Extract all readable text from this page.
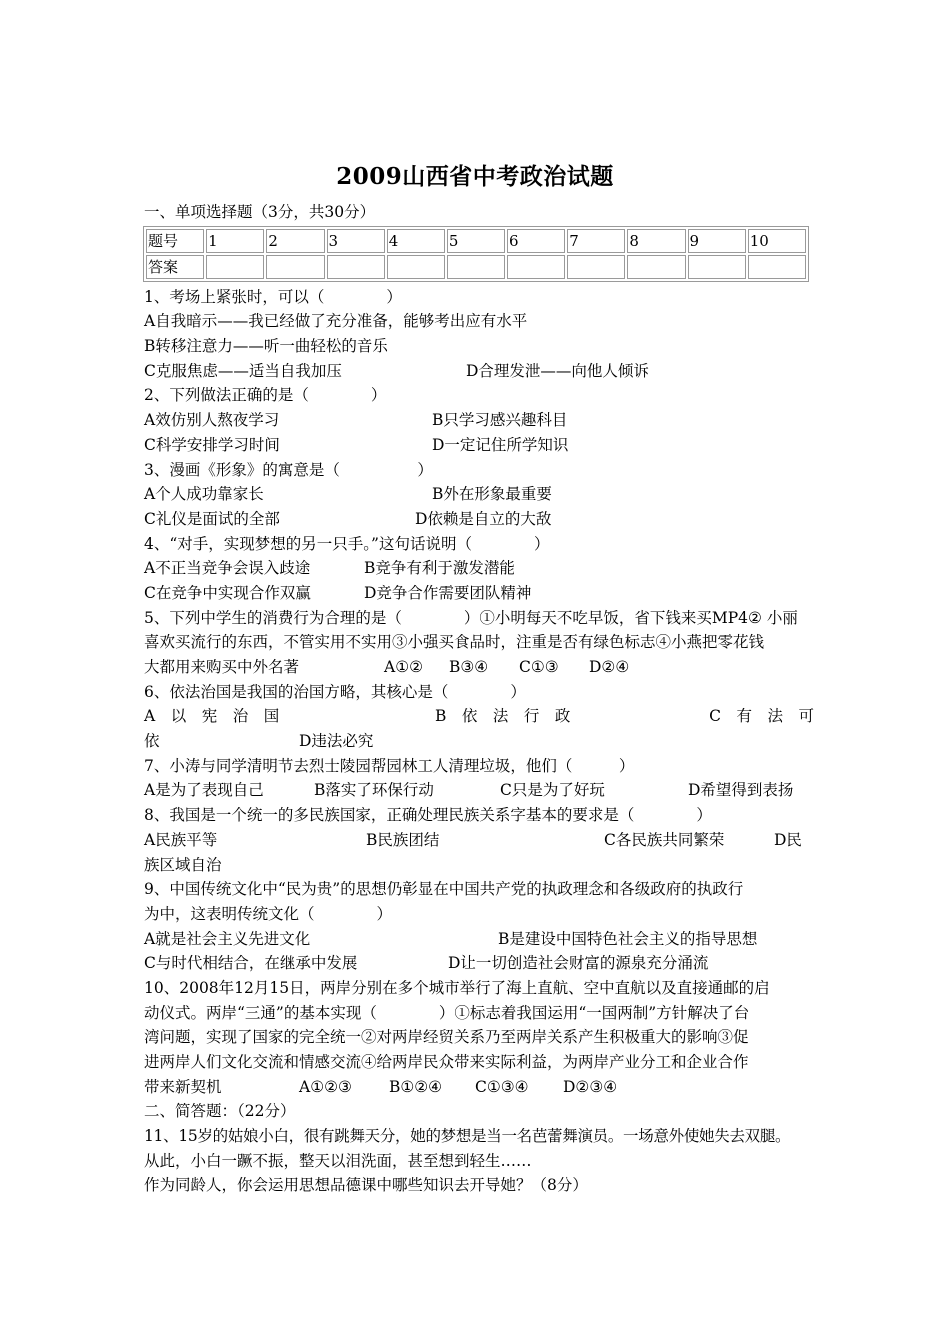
2009山西省中考政治试题
一、单项选择题（3分，共30分）
题号	1	2	3	4	5	6	7	8	9	10
答案										
1、考场上紧张时，可以（　　　　）
A自我暗示——我已经做了充分准备，能够考出应有水平
B转移注意力——听一曲轻松的音乐
C克服焦虑——适当自我加压	D合理发泄——向他人倾诉
2、下列做法正确的是（　　　　）
A效仿别人熬夜学习	B只学习感兴趣科目
C科学安排学习时间	D一定记住所学知识
3、漫画《形象》的寓意是（　　　　　）
A个人成功靠家长	B外在形象最重要
C礼仪是面试的全部	D依赖是自立的大敌
4、“对手，实现梦想的另一只手。”这句话说明（　　　　）
A不正当竞争会误入歧途	B竞争有利于激发潜能
C在竞争中实现合作双赢	D竞争合作需要团队精神
5、下列中学生的消费行为合理的是（　　　　）①小明每天不吃早饭，省下钱来买MP4② 小丽
喜欢买流行的东西，不管实用不实用③小强买食品时，注重是否有绿色标志④小燕把零花钱
大都用来购买中外名著	A①②	B③④	C①③	D②④
6、依法治国是我国的治国方略，其核心是（　　　　）
A　以　宪　治　国	B　依　法　行　政	C　有　法　可
依	D违法必究
7、小涛与同学清明节去烈士陵园帮园林工人清理垃圾，他们（　　　）
A是为了表现自己	B落实了环保行动	C只是为了好玩	D希望得到表扬
8、我国是一个统一的多民族国家，正确处理民族关系字基本的要求是（　　　　）
A民族平等	B民族团结	C各民族共同繁荣	D民
族区域自治
9、中国传统文化中“民为贵”的思想仍彰显在中国共产党的执政理念和各级政府的执政行
为中，这表明传统文化（　　　　）
A就是社会主义先进文化	B是建设中国特色社会主义的指导思想
C与时代相结合，在继承中发展	D让一切创造社会财富的源泉充分涌流
10、2008年12月15日，两岸分别在多个城市举行了海上直航、空中直航以及直接通邮的启
动仪式。两岸“三通”的基本实现（　　　　）①标志着我国运用“一国两制”方针解决了台
湾问题，实现了国家的完全统一②对两岸经贸关系乃至两岸关系产生积极重大的影响③促
进两岸人们文化交流和情感交流④给两岸民众带来实际利益，为两岸产业分工和企业合作
带来新契机	A①②③	B①②④	C①③④	D②③④
二、简答题：（22分）
11、15岁的姑娘小白，很有跳舞天分，她的梦想是当一名芭蕾舞演员。一场意外使她失去双腿。
从此，小白一蹶不振，整天以泪洗面，甚至想到轻生……
作为同龄人，你会运用思想品德课中哪些知识去开导她？（8分）
